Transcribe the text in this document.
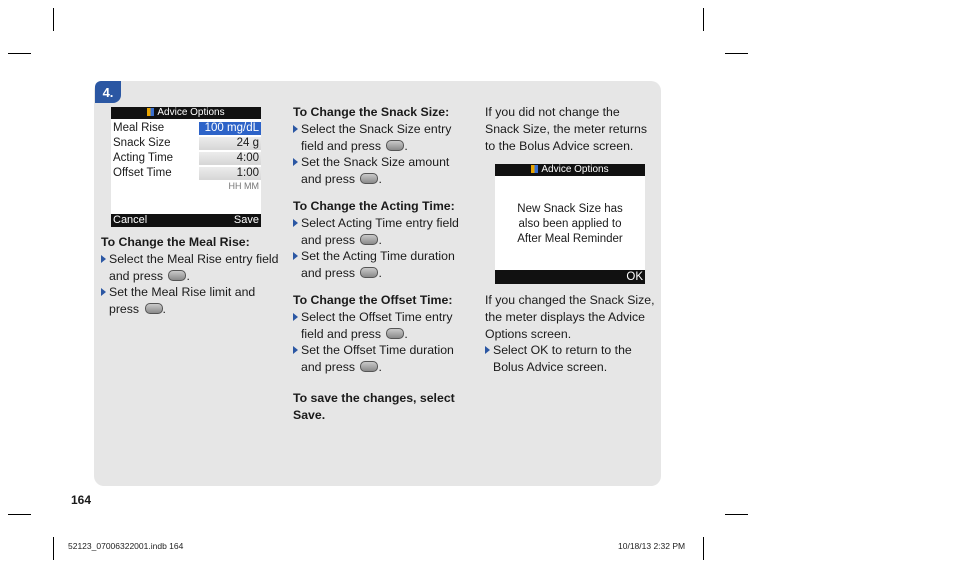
4.
Advice Options
Meal Rise	100 mg/dL
Snack Size	24 g
Acting Time	4:00
Offset Time	1:00
HH MM
Cancel	Save

To Change the Meal Rise:

Select the Meal Rise entry field and press .

Set the Meal Rise limit and press .

To Change the Snack Size:

Select the Snack Size entry field and press .

Set the Snack Size amount and press .

To Change the Acting Time:

Select Acting Time entry field and press .

Set the Acting Time duration and press .

To Change the Offset Time:

Select the Offset Time entry field and press .

Set the Offset Time duration and press .

To save the changes, select Save.

If you did not change the Snack Size, the meter returns to the Bolus Advice screen.

Advice Options
New Snack Size has
also been applied to
After Meal Reminder
OK

If you changed the Snack Size, the meter displays the Advice Options screen.

Select OK to return to the Bolus Advice screen.

164
52123_07006322001.indb 164	10/18/13 2:32 PM
